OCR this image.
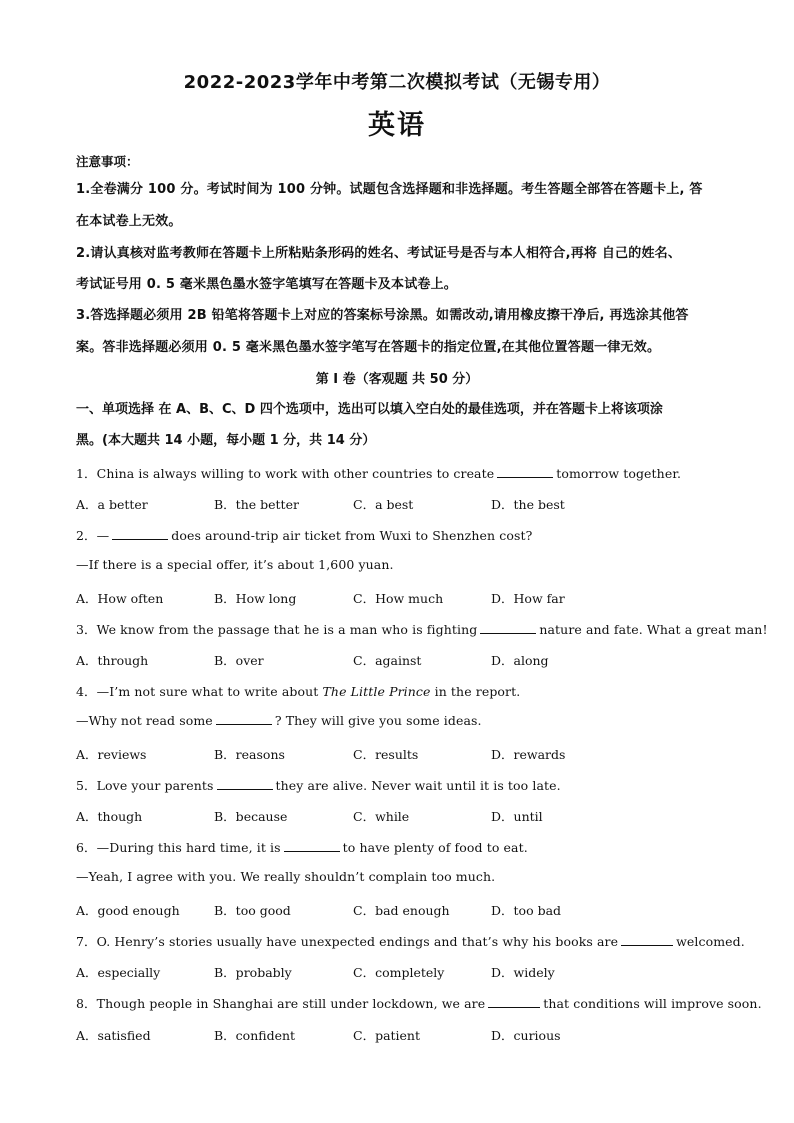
2022-2023学年中考第二次模拟考试（无锡专用）
英语
注意事项：
1.全卷满分 100 分。考试时间为 100 分钟。试题包含选择题和非选择题。考生答题全部答在答题卡上, 答
在本试卷上无效。
2.请认真核对监考教师在答题卡上所粘贴条形码的姓名、考试证号是否与本人相符合,再将 自己的姓名、
考试证号用 0. 5 毫米黑色墨水签字笔填写在答题卡及本试卷上。
3.答选择题必须用 2B 铅笔将答题卡上对应的答案标号涂黑。如需改动,请用橡皮擦干净后, 再选涂其他答
案。答非选择题必须用 0. 5 毫米黑色墨水签字笔写在答题卡的指定位置,在其他位置答题一律无效。
第 I 卷（客观题 共 50 分）
一、单项选择 在 A、B、C、D 四个选项中，选出可以填入空白处的最佳选项，并在答题卡上将该项涂
黑。(本大题共 14 小题，每小题 1 分，共 14 分）
1．China is always willing to work with other countries to create	tomorrow together.
A．a better	B．the better	C．a best	D．the best
2．—	does around-trip air ticket from Wuxi to Shenzhen cost?
—If there is a special offer, it’s about 1,600 yuan.
A．How often	B．How long	C．How much	D．How far
3．We know from the passage that he is a man who is fighting	nature and fate. What a great man!
A．through	B．over	C．against	D．along
4．—I’m not sure what to write about The Little Prince in the report.
—Why not read some	? They will give you some ideas.
A．reviews	B．reasons	C．results	D．rewards
5．Love your parents	they are alive. Never wait until it is too late.
A．though	B．because	C．while	D．until
6．—During this hard time, it is	to have plenty of food to eat.
—Yeah, I agree with you. We really shouldn’t complain too much.
A．good enough	B．too good	C．bad enough	D．too bad
7．O. Henry’s stories usually have unexpected endings and that’s why his books are	welcomed.
A．especially	B．probably	C．completely	D．widely
8．Though people in Shanghai are still under lockdown, we are	that conditions will improve soon.
A．satisfied	B．confident	C．patient	D．curious
